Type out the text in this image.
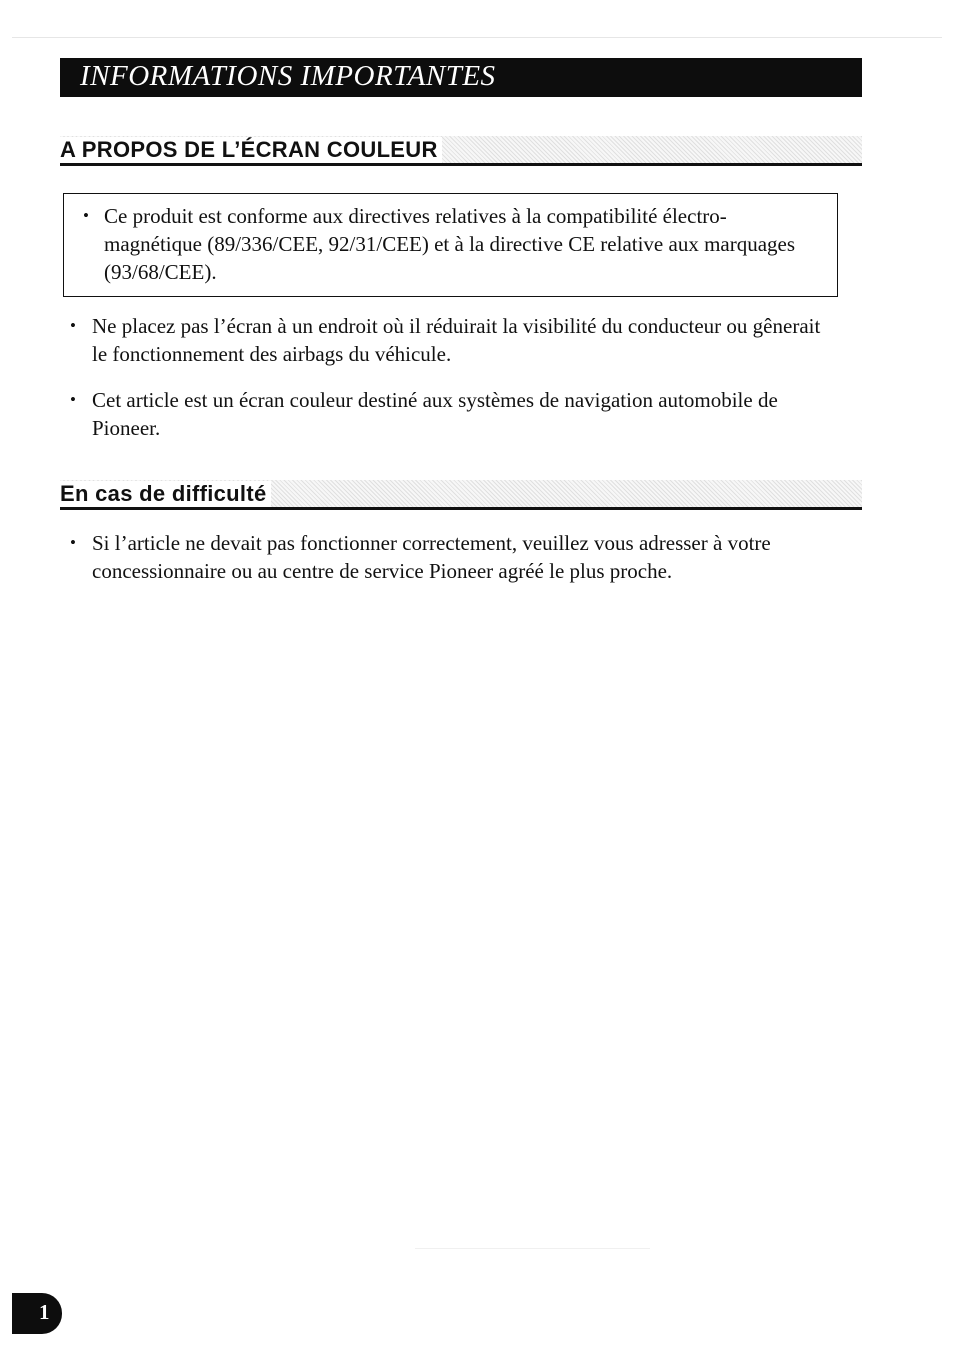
INFORMATIONS IMPORTANTES
A PROPOS DE L’ÉCRAN COULEUR
• Ce produit est conforme aux directives relatives à la compatibilité électro-magnétique (89/336/CEE, 92/31/CEE) et à la directive CE relative aux marquages (93/68/CEE).
• Ne placez pas l’écran à un endroit où il réduirait la visibilité du conducteur ou gênerait le fonctionnement des airbags du véhicule.
• Cet article est un écran couleur destiné aux systèmes de navigation automobile de Pioneer.
En cas de difficulté
• Si l’article ne devait pas fonctionner correctement, veuillez vous adresser à votre concessionnaire ou au centre de service Pioneer agréé le plus proche.
1
